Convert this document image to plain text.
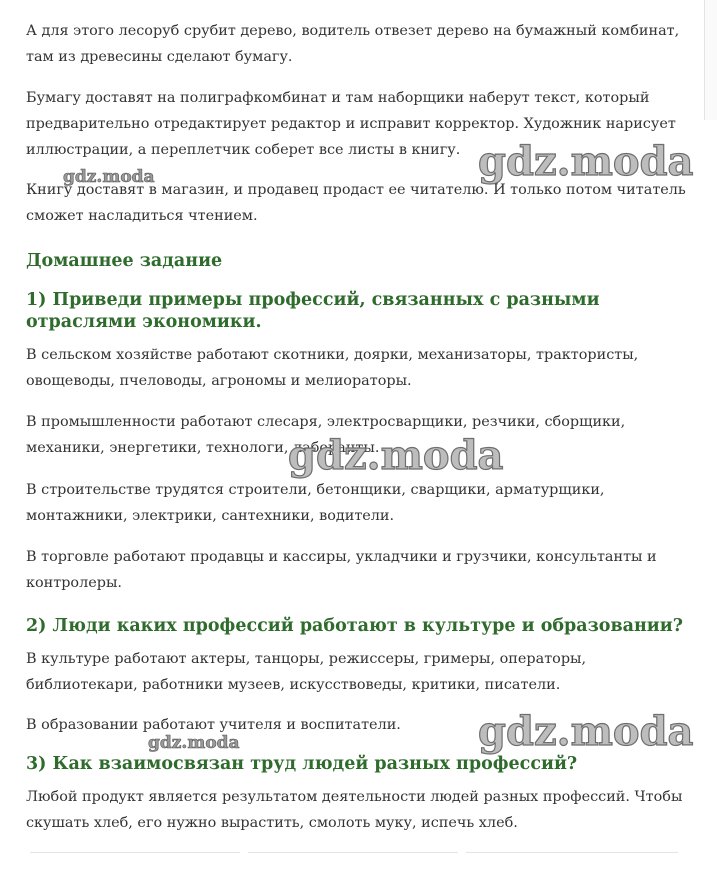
А для этого лесоруб срубит дерево, водитель отвезет дерево на бумажный комбинат, там из древесины сделают бумагу.

Бумагу доставят на полиграфкомбинат и там наборщики наберут текст, который предварительно отредактирует редактор и исправит корректор. Художник нарисует иллюстрации, а переплетчик соберет все листы в книгу.

Книгу доставят в магазин, и продавец продаст ее читателю. И только потом читатель сможет насладиться чтением.

Домашнее задание
1) Приведи примеры профессий, связанных с разными отраслями экономики.

В сельском хозяйстве работают скотники, доярки, механизаторы, трактористы, овощеводы, пчеловоды, агрономы и мелиораторы.

В промышленности работают слесаря, электросварщики, резчики, сборщики, механики, энергетики, технологи, лаборанты.

В строительстве трудятся строители, бетонщики, сварщики, арматурщики, монтажники, электрики, сантехники, водители.

В торговле работают продавцы и кассиры, укладчики и грузчики, консультанты и контролеры.

2) Люди каких профессий работают в культуре и образовании?

В культуре работают актеры, танцоры, режиссеры, гримеры, операторы, библиотекари, работники музеев, искусствоведы, критики, писатели.

В образовании работают учителя и воспитатели.

3) Как взаимосвязан труд людей разных профессий?

Любой продукт является результатом деятельности людей разных профессий. Чтобы скушать хлеб, его нужно вырастить, смолоть муку, испечь хлеб.

gdz.moda
gdz.moda
gdz.moda
gdz.moda
gdz.moda
